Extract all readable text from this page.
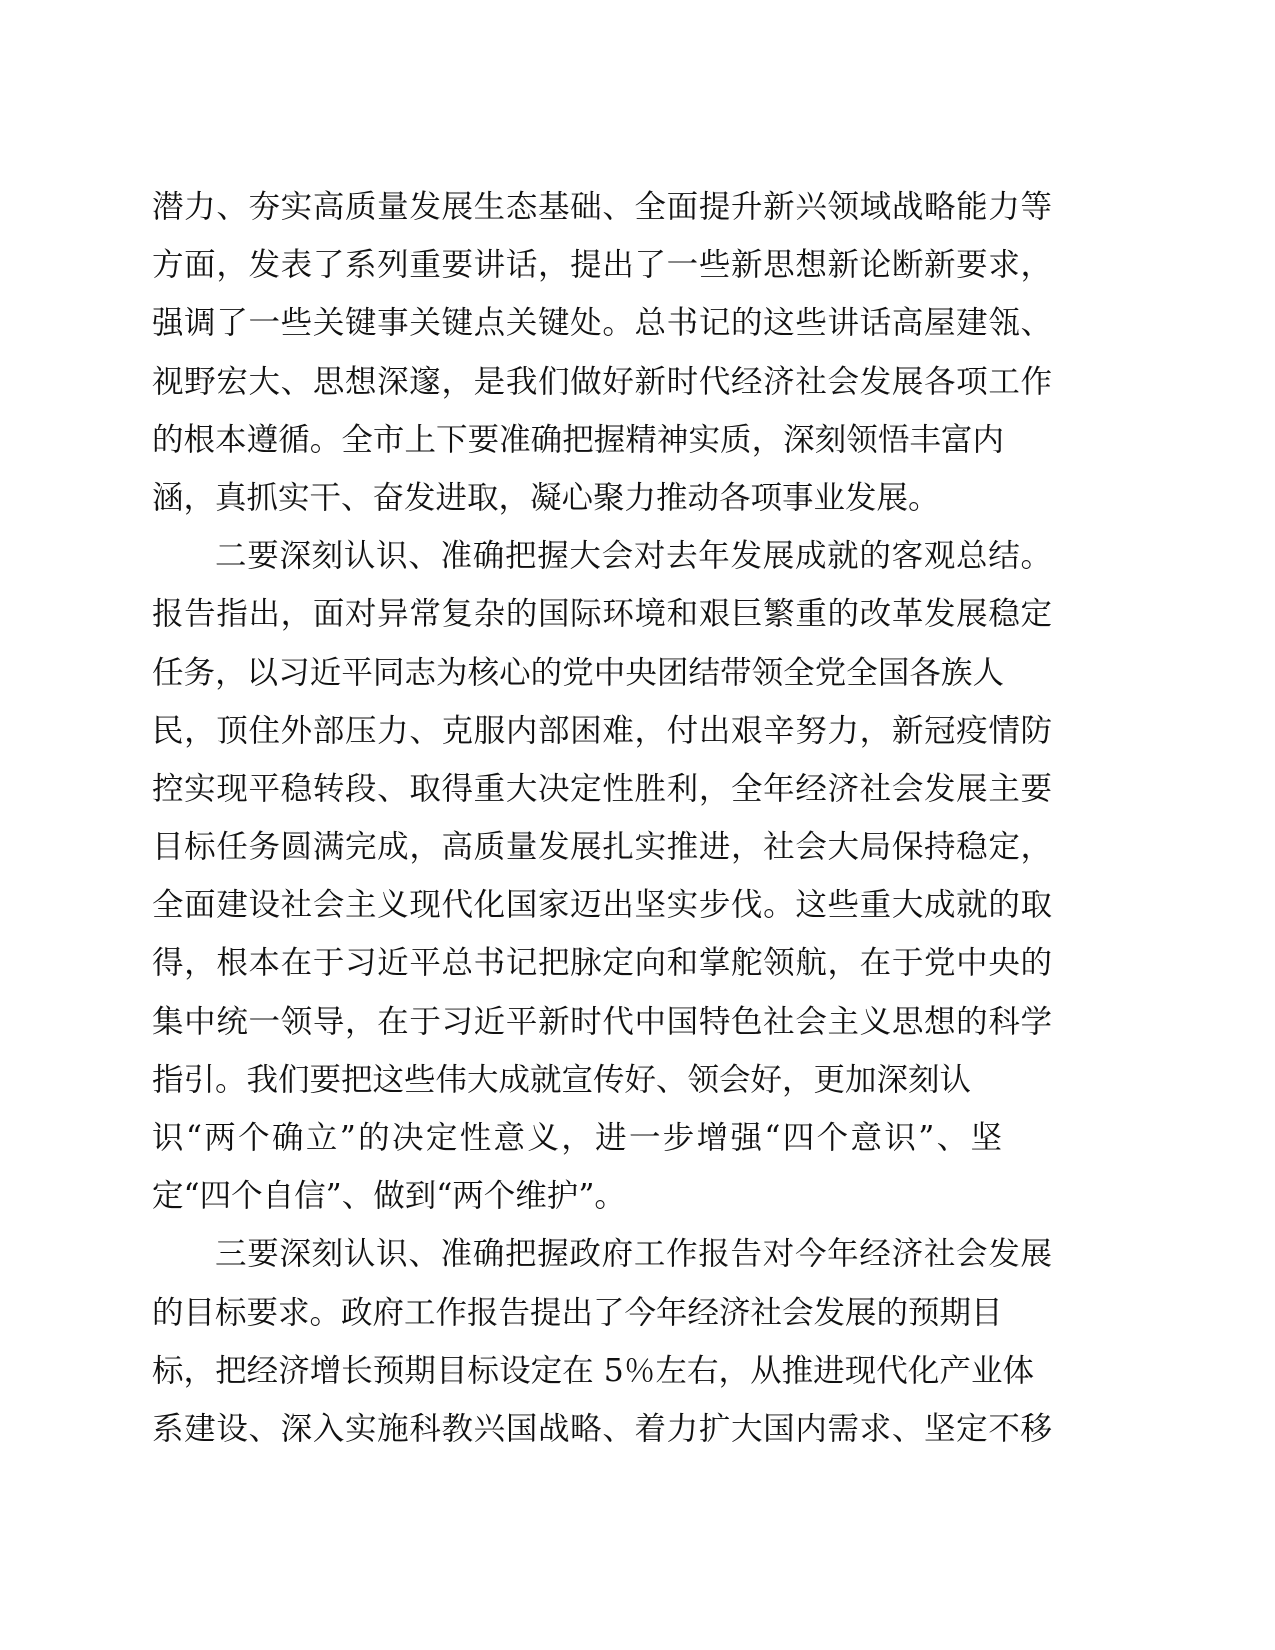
潜力、夯实高质量发展生态基础、全面提升新兴领域战略能力等
方面，发表了系列重要讲话，提出了一些新思想新论断新要求，
强调了一些关键事关键点关键处。总书记的这些讲话高屋建瓴、
视野宏大、思想深邃，是我们做好新时代经济社会发展各项工作
的根本遵循。全市上下要准确把握精神实质，深刻领悟丰富内
涵，真抓实干、奋发进取，凝心聚力推动各项事业发展。
二要深刻认识、准确把握大会对去年发展成就的客观总结。
报告指出，面对异常复杂的国际环境和艰巨繁重的改革发展稳定
任务，以习近平同志为核心的党中央团结带领全党全国各族人
民，顶住外部压力、克服内部困难，付出艰辛努力，新冠疫情防
控实现平稳转段、取得重大决定性胜利，全年经济社会发展主要
目标任务圆满完成，高质量发展扎实推进，社会大局保持稳定，
全面建设社会主义现代化国家迈出坚实步伐。这些重大成就的取
得，根本在于习近平总书记把脉定向和掌舵领航，在于党中央的
集中统一领导，在于习近平新时代中国特色社会主义思想的科学
指引。我们要把这些伟大成就宣传好、领会好，更加深刻认
识“两个确立”的决定性意义，进一步增强“四个意识”、坚
定“四个自信”、做到“两个维护”。
三要深刻认识、准确把握政府工作报告对今年经济社会发展
的目标要求。政府工作报告提出了今年经济社会发展的预期目
标，把经济增长预期目标设定在 5％左右，从推进现代化产业体
系建设、深入实施科教兴国战略、着力扩大国内需求、坚定不移
